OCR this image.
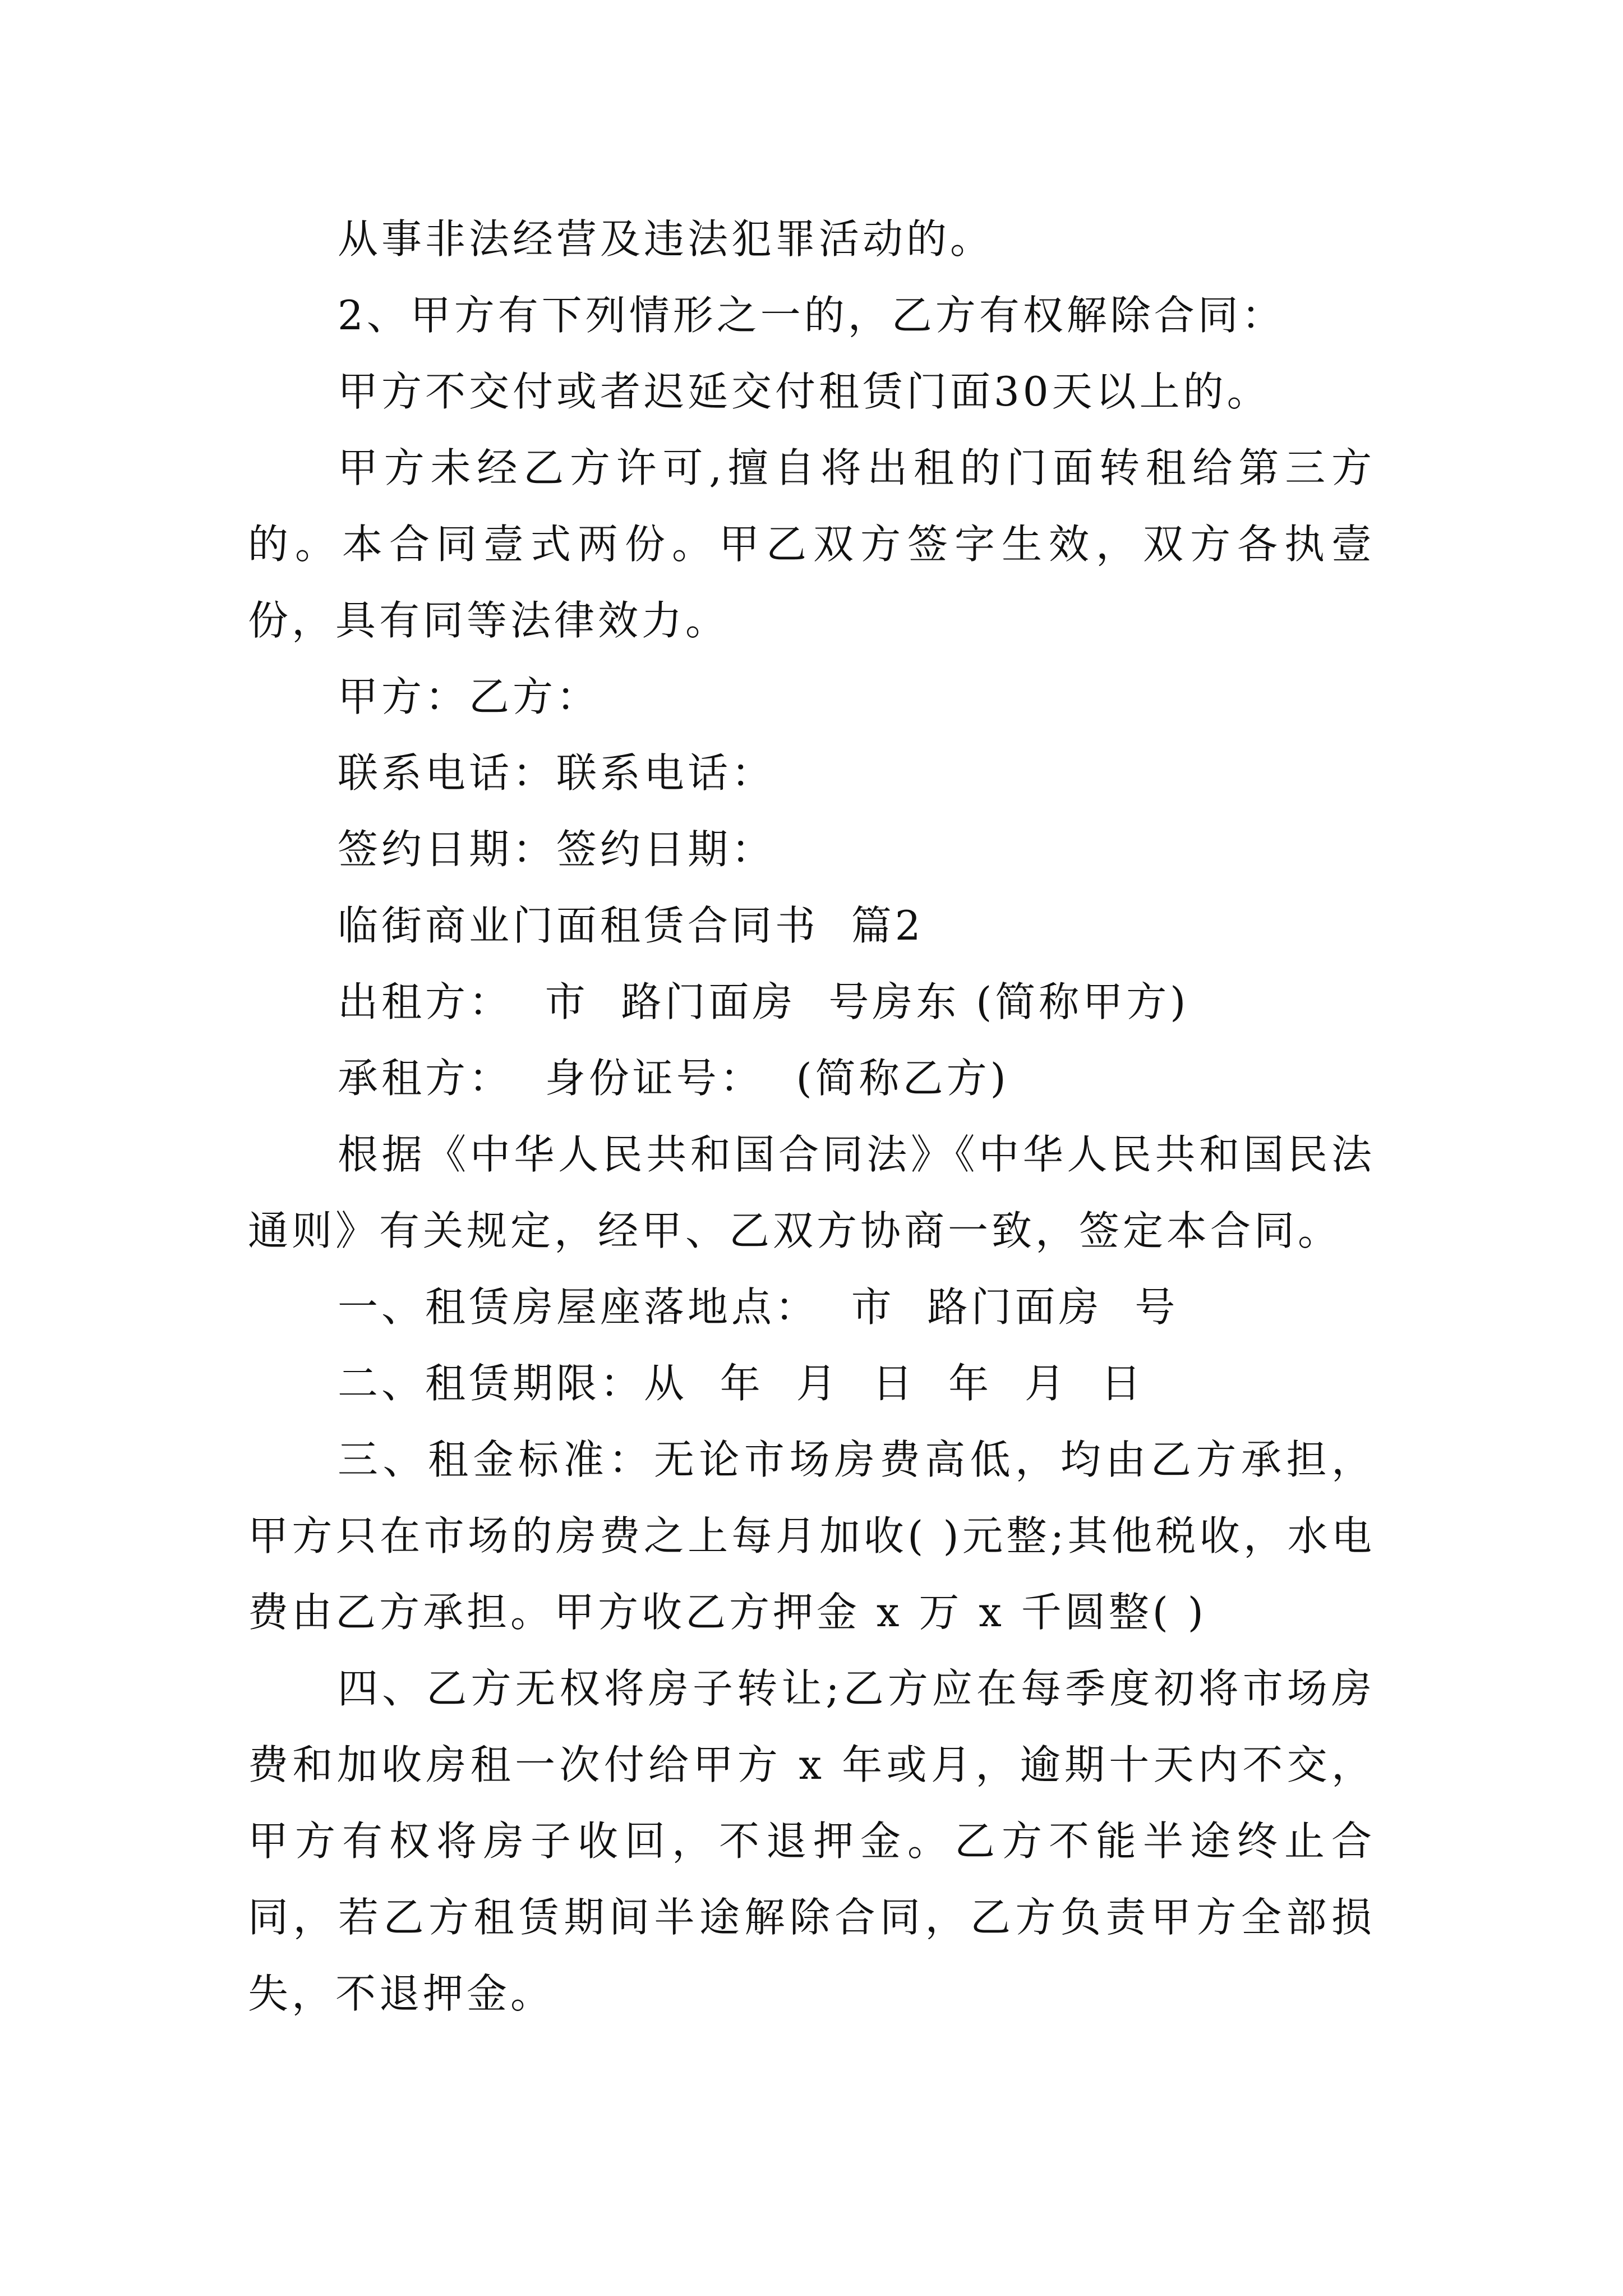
从事非法经营及违法犯罪活动的。

2、甲方有下列情形之一的，乙方有权解除合同：

甲方不交付或者迟延交付租赁门面30天以上的。

甲方未经乙方许可,擅自将出租的门面转租给第三方的。本合同壹式两份。甲乙双方签字生效，双方各执壹份，具有同等法律效力。

甲方：乙方：

联系电话：联系电话：

签约日期：签约日期：

临街商业门面租赁合同书  篇2

出租方：  市  路门面房  号房东 (简称甲方)

承租方：  身份证号：  (简称乙方)

根据《中华人民共和国合同法》《中华人民共和国民法通则》有关规定，经甲、乙双方协商一致，签定本合同。

一、租赁房屋座落地点：  市  路门面房  号

二、租赁期限：从  年  月  日  年  月  日

三、租金标准：无论市场房费高低，均由乙方承担，甲方只在市场的房费之上每月加收( )元整;其他税收，水电费由乙方承担。甲方收乙方押金 x 万 x 千圆整( )

四、乙方无权将房子转让;乙方应在每季度初将市场房费和加收房租一次付给甲方 x 年或月，逾期十天内不交，甲方有权将房子收回，不退押金。乙方不能半途终止合同，若乙方租赁期间半途解除合同，乙方负责甲方全部损失，不退押金。
